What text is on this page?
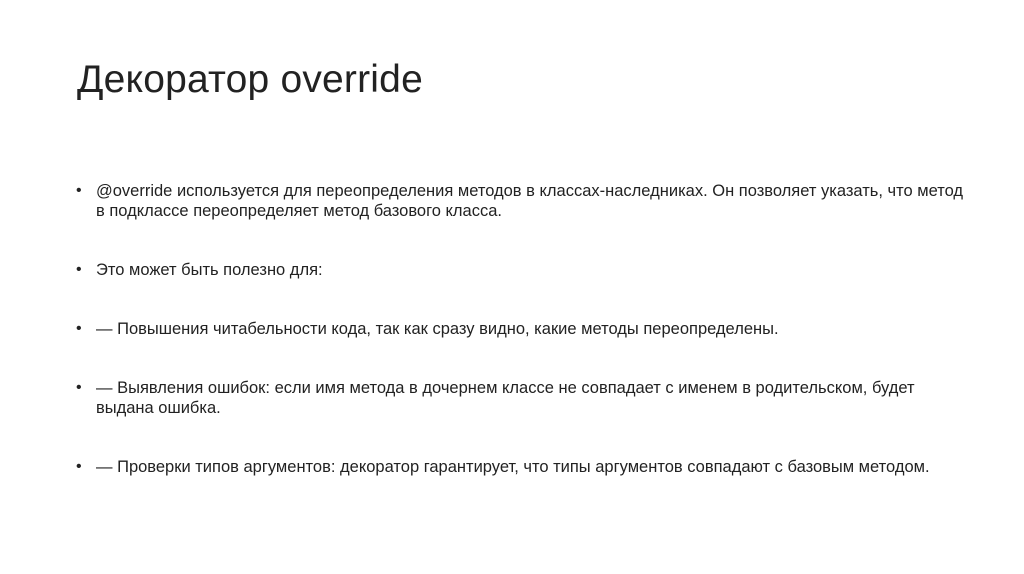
Декоратор override
• @override используется для переопределения методов в классах-наследниках. Он позволяет указать, что метод в подклассе переопределяет метод базового класса.
• Это может быть полезно для:
• — Повышения читабельности кода, так как сразу видно, какие методы переопределены.
• — Выявления ошибок: если имя метода в дочернем классе не совпадает с именем в родительском, будет выдана ошибка.
• — Проверки типов аргументов: декоратор гарантирует, что типы аргументов совпадают с базовым методом.
